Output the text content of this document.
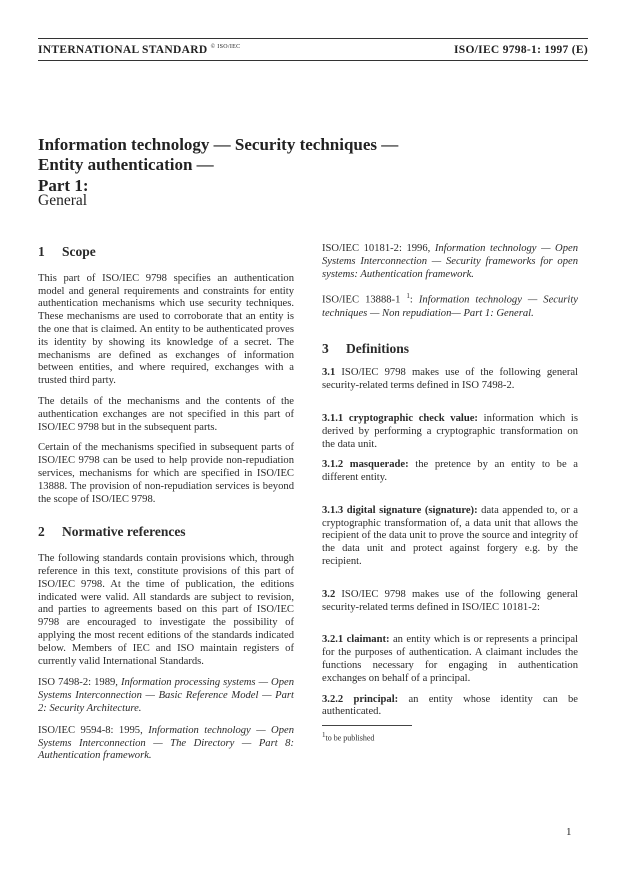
INTERNATIONAL STANDARD $^{© ISO/IEC}$	ISO/IEC 9798-1: 1997 (E)
Information technology — Security techniques —
Entity authentication —
Part 1:
General
1 Scope

This part of ISO/IEC 9798 specifies an authentication model and general requirements and constraints for entity authentication mechanisms which use security techniques. These mechanisms are used to corroborate that an entity is the one that is claimed. An entity to be authenticated proves its identity by showing its knowledge of a secret. The mechanisms are defined as exchanges of information between entities, and where required, exchanges with a trusted third party.

The details of the mechanisms and the contents of the authentication exchanges are not specified in this part of ISO/IEC 9798 but in the subsequent parts.

Certain of the mechanisms specified in subsequent parts of ISO/IEC 9798 can be used to help provide non-repudiation services, mechanisms for which are specified in ISO/IEC 13888. The provision of non-repudiation services is beyond the scope of ISO/IEC 9798.

2 Normative references

The following standards contain provisions which, through reference in this text, constitute provisions of this part of ISO/IEC 9798. At the time of publication, the editions indicated were valid. All standards are subject to revision, and parties to agreements based on this part of ISO/IEC 9798 are encouraged to investigate the possibility of applying the most recent editions of the standards indicated below. Members of IEC and ISO maintain registers of currently valid International Standards.

ISO 7498-2: 1989, Information processing systems — Open Systems Interconnection — Basic Reference Model — Part 2: Security Architecture.

ISO/IEC 9594-8: 1995, Information technology — Open Systems Interconnection — The Directory — Part 8: Authentication framework.

ISO/IEC 10181-2: 1996, Information technology — Open Systems Interconnection — Security frameworks for open systems: Authentication framework.

ISO/IEC 13888-1 $^1$: Information technology — Security techniques — Non repudiation— Part 1: General.

3 Definitions

3.1 ISO/IEC 9798 makes use of the following general security-related terms defined in ISO 7498-2.

3.1.1 cryptographic check value: information which is derived by performing a cryptographic transformation on the data unit.

3.1.2 masquerade: the pretence by an entity to be a different entity.

3.1.3 digital signature (signature): data appended to, or a cryptographic transformation of, a data unit that allows the recipient of the data unit to prove the source and integrity of the data unit and protect against forgery e.g. by the recipient.

3.2 ISO/IEC 9798 makes use of the following general security-related terms defined in ISO/IEC 10181-2:

3.2.1 claimant: an entity which is or represents a principal for the purposes of authentication. A claimant includes the functions necessary for engaging in authentication exchanges on behalf of a principal.

3.2.2 principal: an entity whose identity can be authenticated.

1to be published
1
